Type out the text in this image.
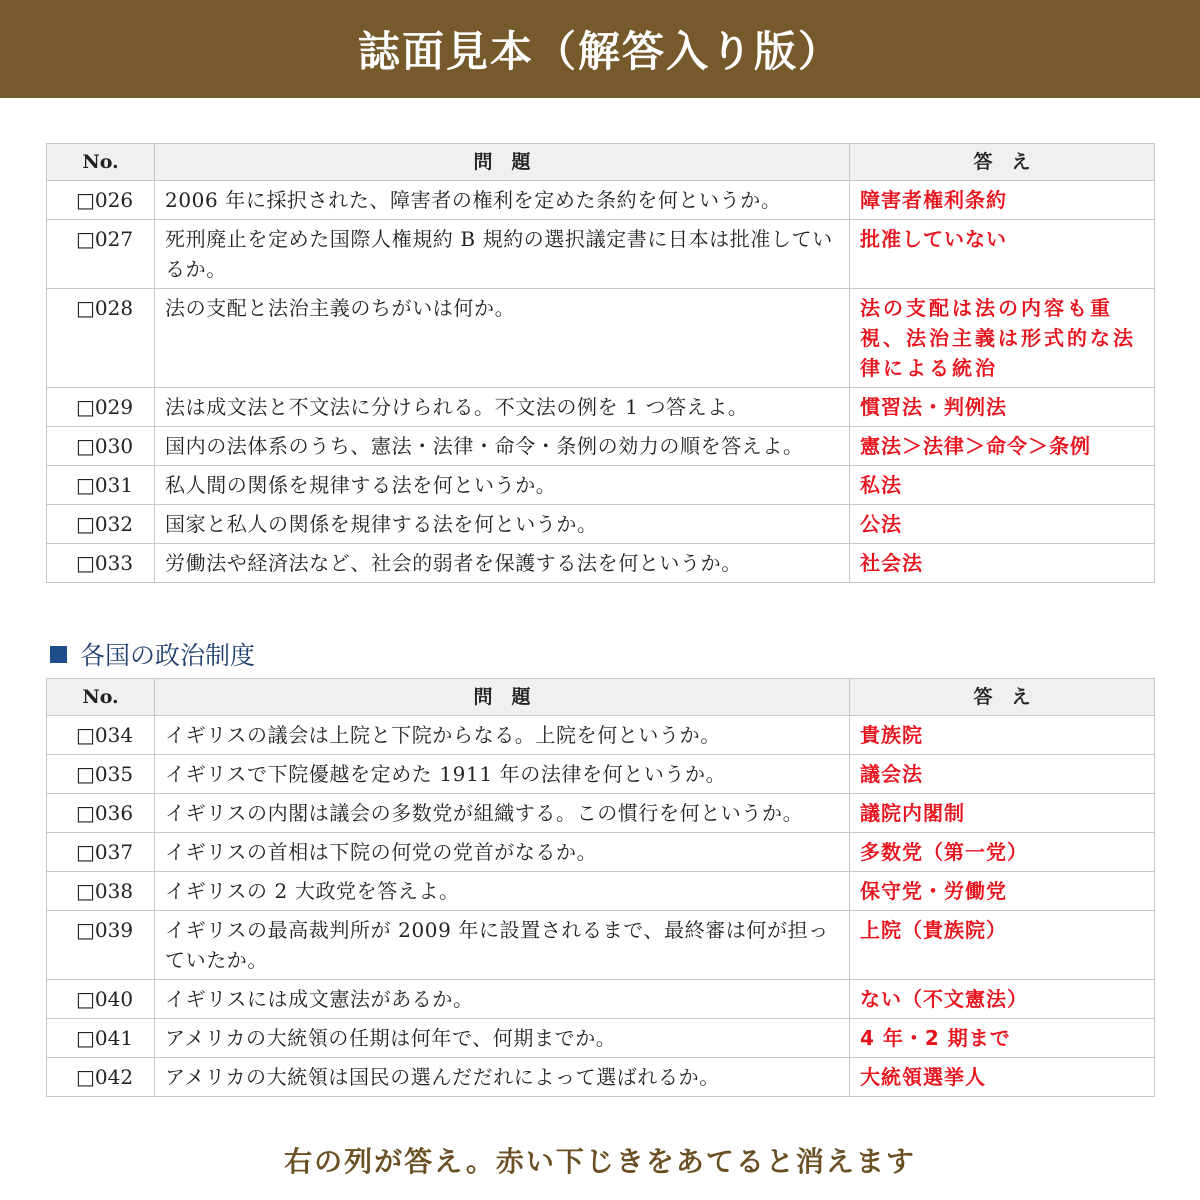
誌面見本（解答入り版）
No.	問　題	答　え
□026	2006 年に採択された、障害者の権利を定めた条約を何というか。	障害者権利条約
□027	死刑廃止を定めた国際人権規約 B 規約の選択議定書に日本は批准しているか。	批准していない
□028	法の支配と法治主義のちがいは何か。	法の支配は法の内容も重視、法治主義は形式的な法律による統治
□029	法は成文法と不文法に分けられる。不文法の例を 1 つ答えよ。	慣習法・判例法
□030	国内の法体系のうち、憲法・法律・命令・条例の効力の順を答えよ。	憲法＞法律＞命令＞条例
□031	私人間の関係を規律する法を何というか。	私法
□032	国家と私人の関係を規律する法を何というか。	公法
□033	労働法や経済法など、社会的弱者を保護する法を何というか。	社会法
各国の政治制度
No.	問　題	答　え
□034	イギリスの議会は上院と下院からなる。上院を何というか。	貴族院
□035	イギリスで下院優越を定めた 1911 年の法律を何というか。	議会法
□036	イギリスの内閣は議会の多数党が組織する。この慣行を何というか。	議院内閣制
□037	イギリスの首相は下院の何党の党首がなるか。	多数党（第一党）
□038	イギリスの 2 大政党を答えよ。	保守党・労働党
□039	イギリスの最高裁判所が 2009 年に設置されるまで、最終審は何が担っていたか。	上院（貴族院）
□040	イギリスには成文憲法があるか。	ない（不文憲法）
□041	アメリカの大統領の任期は何年で、何期までか。	4 年・2 期まで
□042	アメリカの大統領は国民の選んだだれによって選ばれるか。	大統領選挙人
右の列が答え。赤い下じきをあてると消えます
